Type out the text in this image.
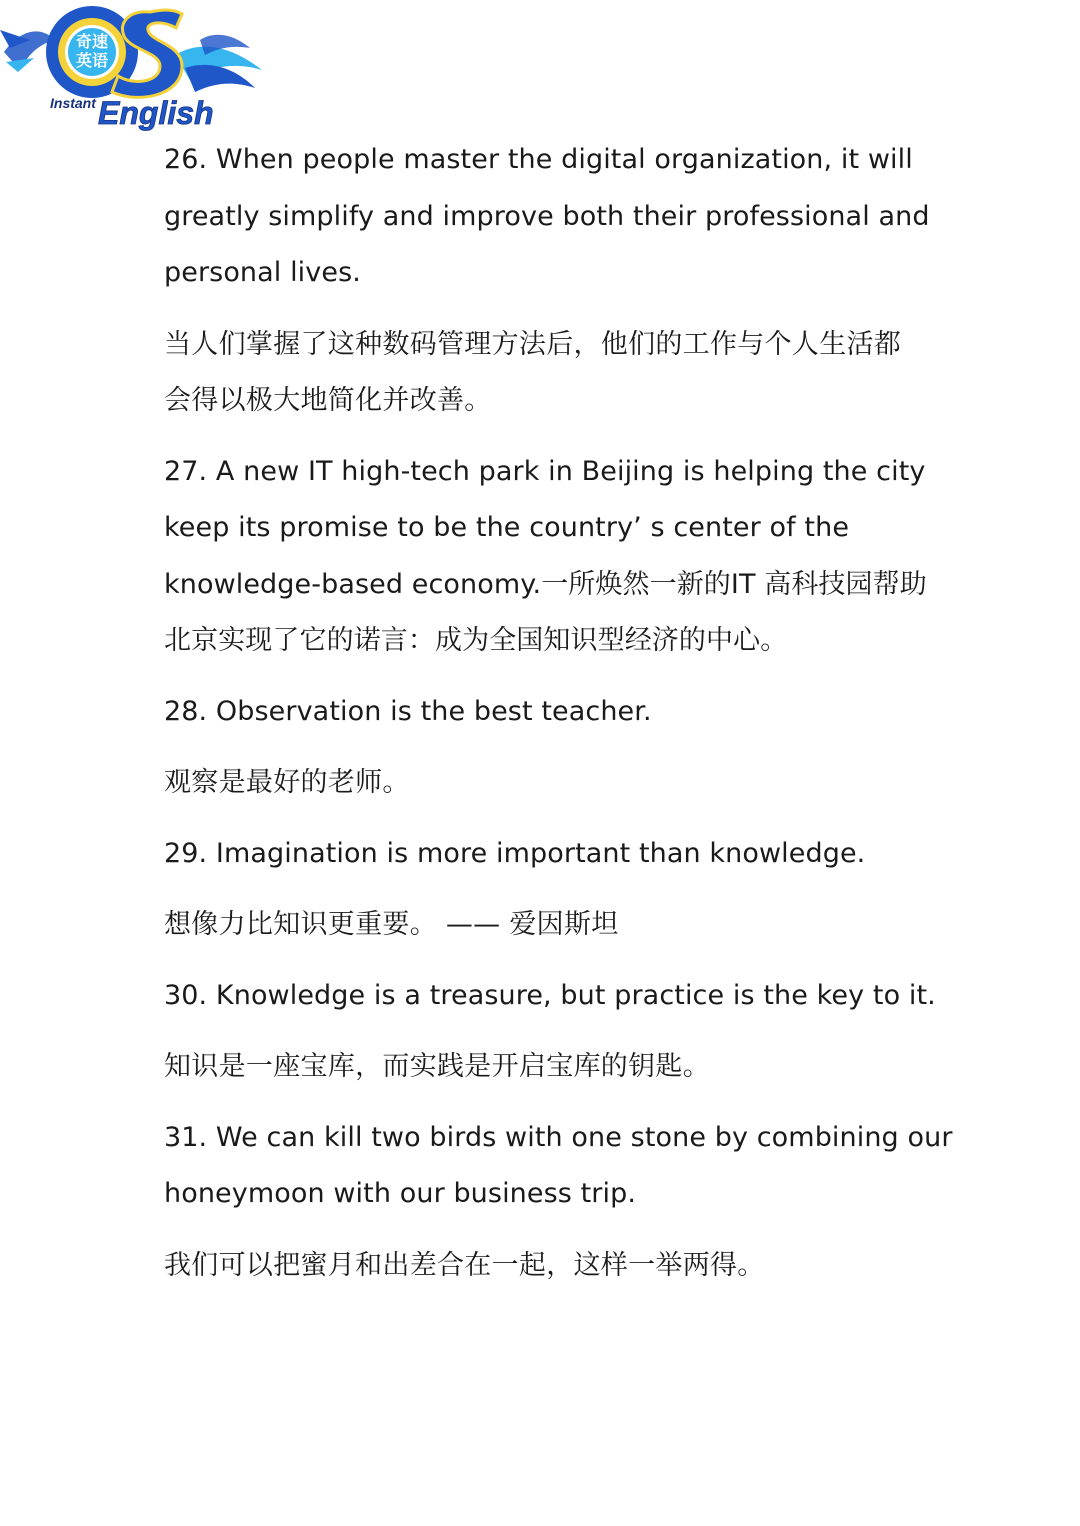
奇速
英语
Instant English

26. When people master the digital organization, it will

greatly simplify and improve both their professional and

personal lives.

当人们掌握了这种数码管理方法后，他们的工作与个人生活都

会得以极大地简化并改善。

27. A new IT high-tech park in Beijing is helping the city

keep its promise to be the country’ s center of the

knowledge-based economy.一所焕然一新的IT 高科技园帮助

北京实现了它的诺言：成为全国知识型经济的中心。

28. Observation is the best teacher.

观察是最好的老师。

29. Imagination is more important than knowledge.

想像力比知识更重要。 —— 爱因斯坦

30. Knowledge is a treasure, but practice is the key to it.

知识是一座宝库，而实践是开启宝库的钥匙。

31. We can kill two birds with one stone by combining our

honeymoon with our business trip.

我们可以把蜜月和出差合在一起，这样一举两得。
